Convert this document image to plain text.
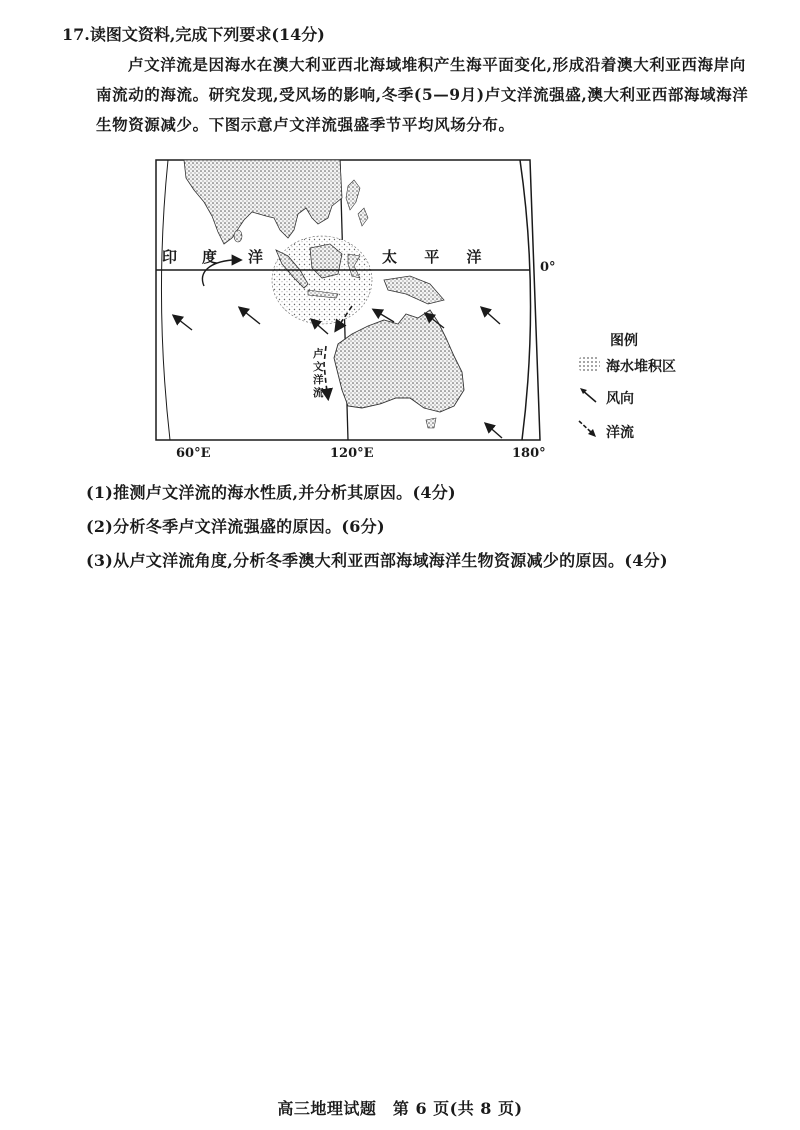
17.读图文资料,完成下列要求(14分)
卢文洋流是因海水在澳大利亚西北海域堆积产生海平面变化,形成沿着澳大利亚西海岸向南流动的海流。研究发现,受风场的影响,冬季(5—9月)卢文洋流强盛,澳大利亚西部海域海洋生物资源减少。下图示意卢文洋流强盛季节平均风场分布。
印 度 洋	太 平 洋
0°
60°E	120°E	180°
卢文洋流
图例
海水堆积区
风向
洋流
(1)推测卢文洋流的海水性质,并分析其原因。(4分)
(2)分析冬季卢文洋流强盛的原因。(6分)
(3)从卢文洋流角度,分析冬季澳大利亚西部海域海洋生物资源减少的原因。(4分)
高三地理试题　第 6 页(共 8 页)
